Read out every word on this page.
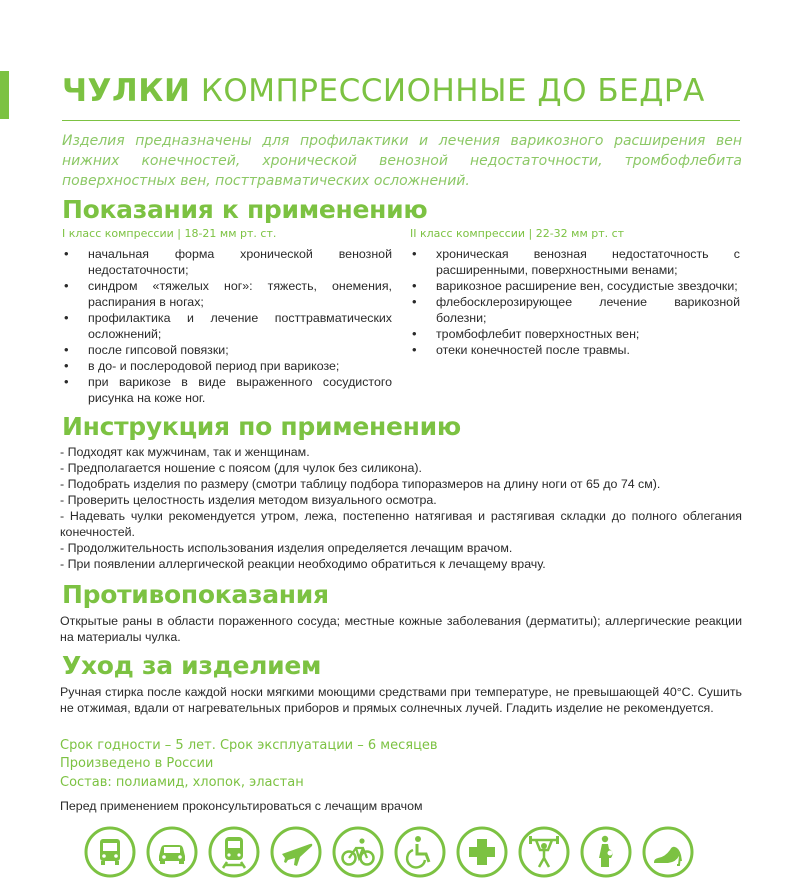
ЧУЛКИ КОМПРЕССИОННЫЕ ДО БЕДРА
Изделия предназначены для профилактики и лечения варикозного расширения вен нижних конечностей, хронической венозной недостаточности, тромбофлебита поверхностных вен, посттравматических осложнений.
Показания к применению
I класс компрессии | 18-21 мм рт. ст.
• начальная форма хронической венозной недостаточности;
• синдром «тяжелых ног»: тяжесть, онемения, распирания в ногах;
• профилактика и лечение посттравматических осложнений;
• после гипсовой повязки;
• в до- и послеродовой период при варикозе;
• при варикозе в виде выраженного сосудистого рисунка на коже ног.
II класс компрессии | 22-32 мм рт. ст
• хроническая венозная недостаточность с расширенными, поверхностными венами;
• варикозное расширение вен, сосудистые звездочки;
• флебосклерозирующее лечение варикозной болезни;
• тромбофлебит поверхностных вен;
• отеки конечностей после травмы.
Инструкция по применению
- Подходят как мужчинам, так и женщинам.
- Предполагается ношение с поясом (для чулок без силикона).
- Подобрать изделия по размеру (смотри таблицу подбора типоразмеров на длину ноги от 65 до 74 см).
- Проверить целостность изделия методом визуального осмотра.
- Надевать чулки рекомендуется утром, лежа, постепенно натягивая и растягивая складки до полного облегания конечностей.
- Продолжительность использования изделия определяется лечащим врачом.
- При появлении аллергической реакции необходимо обратиться к лечащему врачу.
Противопоказания
Открытые раны в области пораженного сосуда; местные кожные заболевания (дерматиты); аллергические реакции на материалы чулка.
Уход за изделием
Ручная стирка после каждой носки мягкими моющими средствами при температуре, не превышающей 40°С. Сушить не отжимая, вдали от нагревательных приборов и прямых солнечных лучей. Гладить изделие не рекомендуется.
Срок годности – 5 лет. Срок эксплуатации – 6 месяцев
Произведено в России
Состав: полиамид, хлопок, эластан
Перед применением проконсультироваться с лечащим врачом
